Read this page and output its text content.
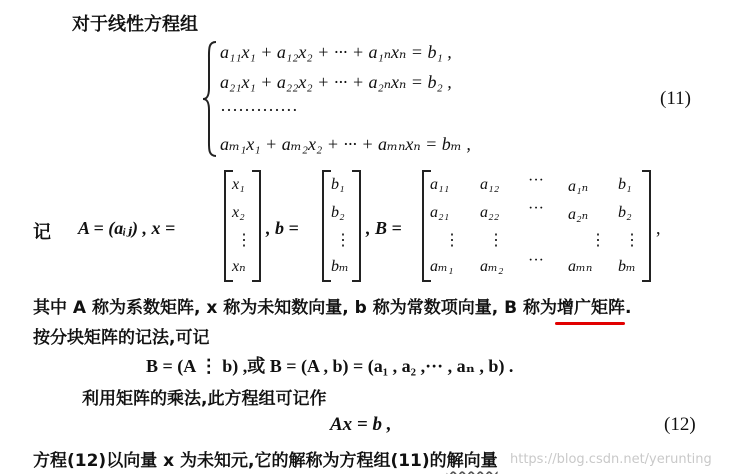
对于线性方程组
a₁₁x₁ + a₁₂x₂ + ··· + a₁ₙxₙ = b₁ ,
a₂₁x₁ + a₂₂x₂ + ··· + a₂ₙxₙ = b₂ ,
·············
aₘ₁x₁ + aₘ₂x₂ + ··· + aₘₙxₙ = bₘ ,
(11)
记 A = (aᵢⱼ) , x =
x₁
x₂
⋮
xₙ
, b =
b₁
b₂
⋮
bₘ
, B =
a₁₁ a₁₂ ··· a₁ₙ b₁
a₂₁ a₂₂ ··· a₂ₙ b₂
⋮ ⋮	⋮ ⋮
aₘ₁ aₘ₂ ··· aₘₙ bₘ
,
其中 A 称为系数矩阵, x 称为未知数向量, b 称为常数项向量, B 称为增广矩阵
.
按分块矩阵的记法,可记
B = (A ⋮ b) ,或 B = (A , b) = (a₁ , a₂ ,··· , aₙ , b) .
利用矩阵的乘法,此方程组可记作
Ax = b ,	(12)
方程(12)以向量 x 为未知元,它的解称为方程组(11)的解向量 https://blog.csdn.net/yerunting
